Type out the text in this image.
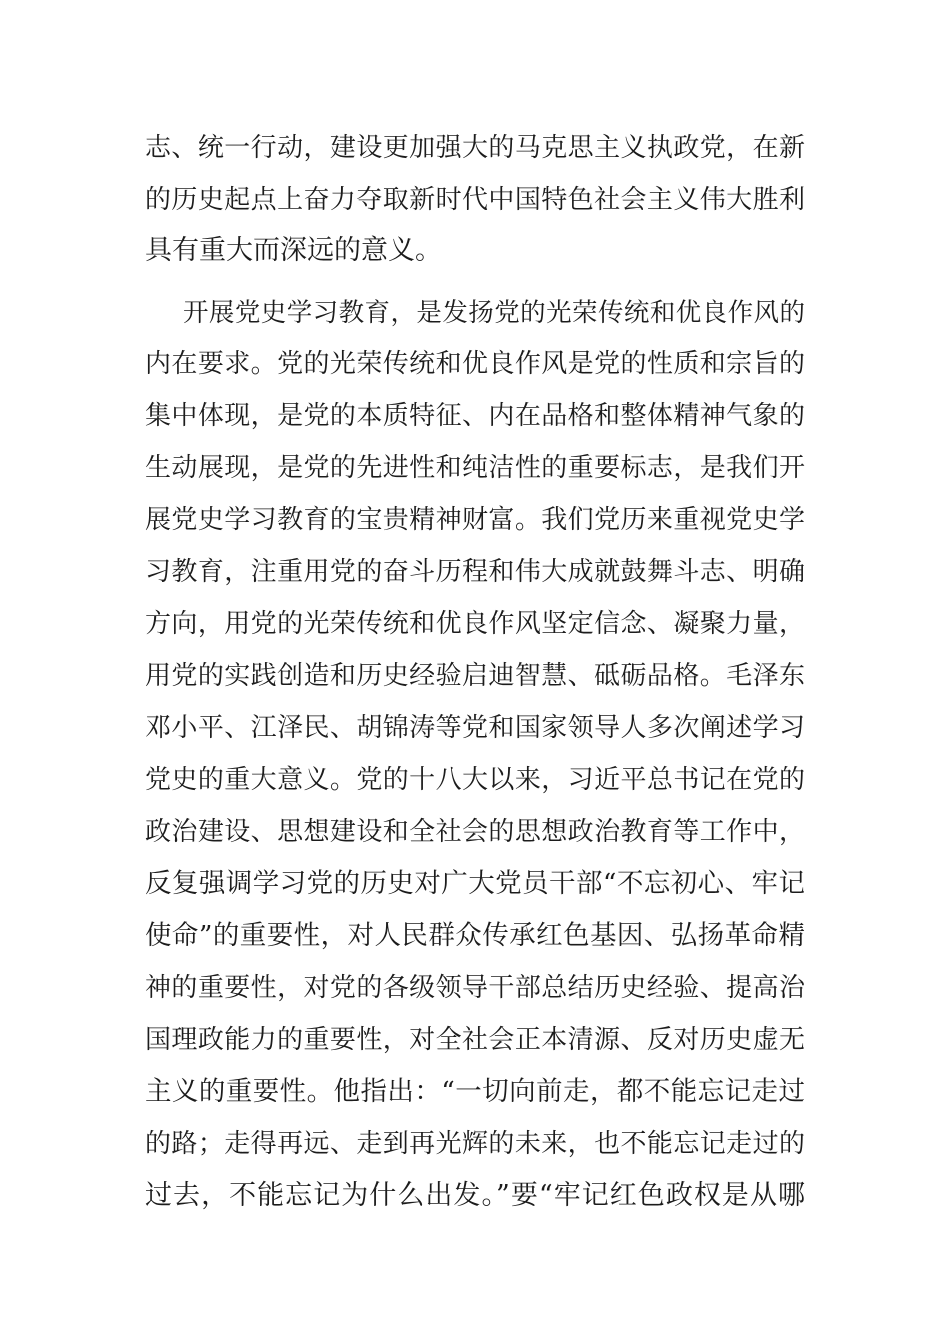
志、统一行动，建设更加强大的马克思主义执政党，在新
的历史起点上奋力夺取新时代中国特色社会主义伟大胜利
具有重大而深远的意义。
开展党史学习教育，是发扬党的光荣传统和优良作风的
内在要求。党的光荣传统和优良作风是党的性质和宗旨的
集中体现，是党的本质特征、内在品格和整体精神气象的
生动展现，是党的先进性和纯洁性的重要标志，是我们开
展党史学习教育的宝贵精神财富。我们党历来重视党史学
习教育，注重用党的奋斗历程和伟大成就鼓舞斗志、明确
方向，用党的光荣传统和优良作风坚定信念、凝聚力量，
用党的实践创造和历史经验启迪智慧、砥砺品格。毛泽东
邓小平、江泽民、胡锦涛等党和国家领导人多次阐述学习
党史的重大意义。党的十八大以来，习近平总书记在党的
政治建设、思想建设和全社会的思想政治教育等工作中，
反复强调学习党的历史对广大党员干部“不忘初心、牢记
使命”的重要性，对人民群众传承红色基因、弘扬革命精
神的重要性，对党的各级领导干部总结历史经验、提高治
国理政能力的重要性，对全社会正本清源、反对历史虚无
主义的重要性。他指出：“一切向前走，都不能忘记走过
的路；走得再远、走到再光辉的未来，也不能忘记走过的
过去，不能忘记为什么出发。”要“牢记红色政权是从哪
